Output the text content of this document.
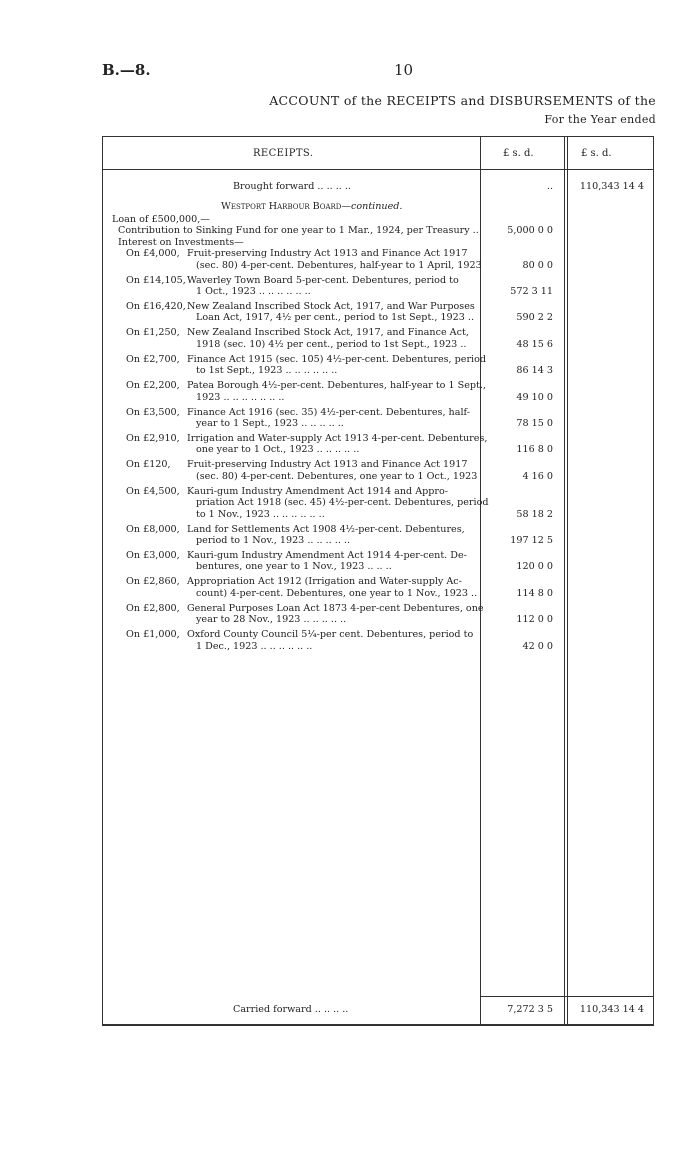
B.—8.	10
ACCOUNT of the RECEIPTS and DISBURSEMENTS of the
For the Year ended
RECEIPTS.	£ s. d.	£ s. d.
Brought forward .. .. .. ..	..	110,343 14 4
Westport Harbour Board—continued.
Loan of £500,000,—
Contribution to Sinking Fund for one year to 1 Mar., 1924, per Treasury ..	5,000 0 0
Interest on Investments—
On £4,000, Fruit-preserving Industry Act 1913 and Finance Act 1917
(sec. 80) 4-per-cent. Debentures, half-year to 1 April, 1923	80 0 0
On £14,105, Waverley Town Board 5-per-cent. Debentures, period to
1 Oct., 1923 .. .. .. .. .. ..	572 3 11
On £16,420, New Zealand Inscribed Stock Act, 1917, and War Purposes
Loan Act, 1917, 4½ per cent., period to 1st Sept., 1923 ..	590 2 2
On £1,250, New Zealand Inscribed Stock Act, 1917, and Finance Act,
1918 (sec. 10) 4½ per cent., period to 1st Sept., 1923 ..	48 15 6
On £2,700, Finance Act 1915 (sec. 105) 4½-per-cent. Debentures, period
to 1st Sept., 1923 .. .. .. .. .. ..	86 14 3
On £2,200, Patea Borough 4½-per-cent. Debentures, half-year to 1 Sept.,
1923 .. .. .. .. .. .. ..	49 10 0
On £3,500, Finance Act 1916 (sec. 35) 4½-per-cent. Debentures, half-
year to 1 Sept., 1923 .. .. .. .. ..	78 15 0
On £2,910, Irrigation and Water-supply Act 1913 4-per-cent. Debentures,
one year to 1 Oct., 1923 .. .. .. .. ..	116 8 0
On £120, Fruit-preserving Industry Act 1913 and Finance Act 1917
(sec. 80) 4-per-cent. Debentures, one year to 1 Oct., 1923	4 16 0
On £4,500, Kauri-gum Industry Amendment Act 1914 and Appro-
priation Act 1918 (sec. 45) 4½-per-cent. Debentures, period
to 1 Nov., 1923 .. .. .. .. .. ..	58 18 2
On £8,000, Land for Settlements Act 1908 4½-per-cent. Debentures,
period to 1 Nov., 1923 .. .. .. .. ..	197 12 5
On £3,000, Kauri-gum Industry Amendment Act 1914 4-per-cent. De-
bentures, one year to 1 Nov., 1923 .. .. ..	120 0 0
On £2,860, Appropriation Act 1912 (Irrigation and Water-supply Ac-
count) 4-per-cent. Debentures, one year to 1 Nov., 1923 ..	114 8 0
On £2,800, General Purposes Loan Act 1873 4-per-cent Debentures, one
year to 28 Nov., 1923 .. .. .. .. ..	112 0 0
On £1,000, Oxford County Council 5¼-per cent. Debentures, period to
1 Dec., 1923 .. .. .. .. .. ..	42 0 0
Carried forward .. .. .. ..	7,272 3 5	110,343 14 4
